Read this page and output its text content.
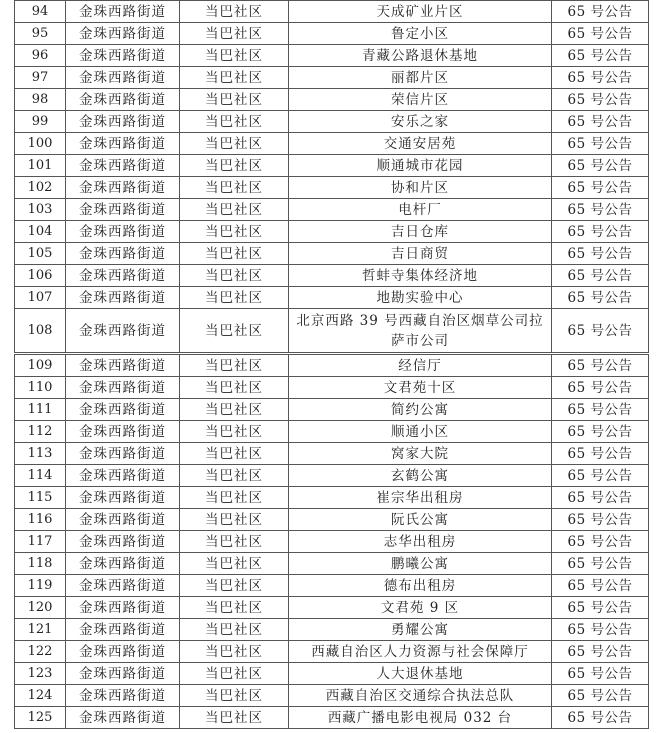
94	金珠西路街道	当巴社区	天成矿业片区	65 号公告
95	金珠西路街道	当巴社区	鲁定小区	65 号公告
96	金珠西路街道	当巴社区	青藏公路退休基地	65 号公告
97	金珠西路街道	当巴社区	丽都片区	65 号公告
98	金珠西路街道	当巴社区	荣信片区	65 号公告
99	金珠西路街道	当巴社区	安乐之家	65 号公告
100	金珠西路街道	当巴社区	交通安居苑	65 号公告
101	金珠西路街道	当巴社区	顺通城市花园	65 号公告
102	金珠西路街道	当巴社区	协和片区	65 号公告
103	金珠西路街道	当巴社区	电杆厂	65 号公告
104	金珠西路街道	当巴社区	吉日仓库	65 号公告
105	金珠西路街道	当巴社区	吉日商贸	65 号公告
106	金珠西路街道	当巴社区	哲蚌寺集体经济地	65 号公告
107	金珠西路街道	当巴社区	地勘实验中心	65 号公告
108	金珠西路街道	当巴社区	北京西路 39 号西藏自治区烟草公司拉萨市公司	65 号公告
109	金珠西路街道	当巴社区	经信厅	65 号公告
110	金珠西路街道	当巴社区	文君苑十区	65 号公告
111	金珠西路街道	当巴社区	简约公寓	65 号公告
112	金珠西路街道	当巴社区	顺通小区	65 号公告
113	金珠西路街道	当巴社区	窝家大院	65 号公告
114	金珠西路街道	当巴社区	玄鹤公寓	65 号公告
115	金珠西路街道	当巴社区	崔宗华出租房	65 号公告
116	金珠西路街道	当巴社区	阮氏公寓	65 号公告
117	金珠西路街道	当巴社区	志华出租房	65 号公告
118	金珠西路街道	当巴社区	鹏曦公寓	65 号公告
119	金珠西路街道	当巴社区	德布出租房	65 号公告
120	金珠西路街道	当巴社区	文君苑 9 区	65 号公告
121	金珠西路街道	当巴社区	勇耀公寓	65 号公告
122	金珠西路街道	当巴社区	西藏自治区人力资源与社会保障厅	65 号公告
123	金珠西路街道	当巴社区	人大退休基地	65 号公告
124	金珠西路街道	当巴社区	西藏自治区交通综合执法总队	65 号公告
125	金珠西路街道	当巴社区	西藏广播电影电视局 032 台	65 号公告
